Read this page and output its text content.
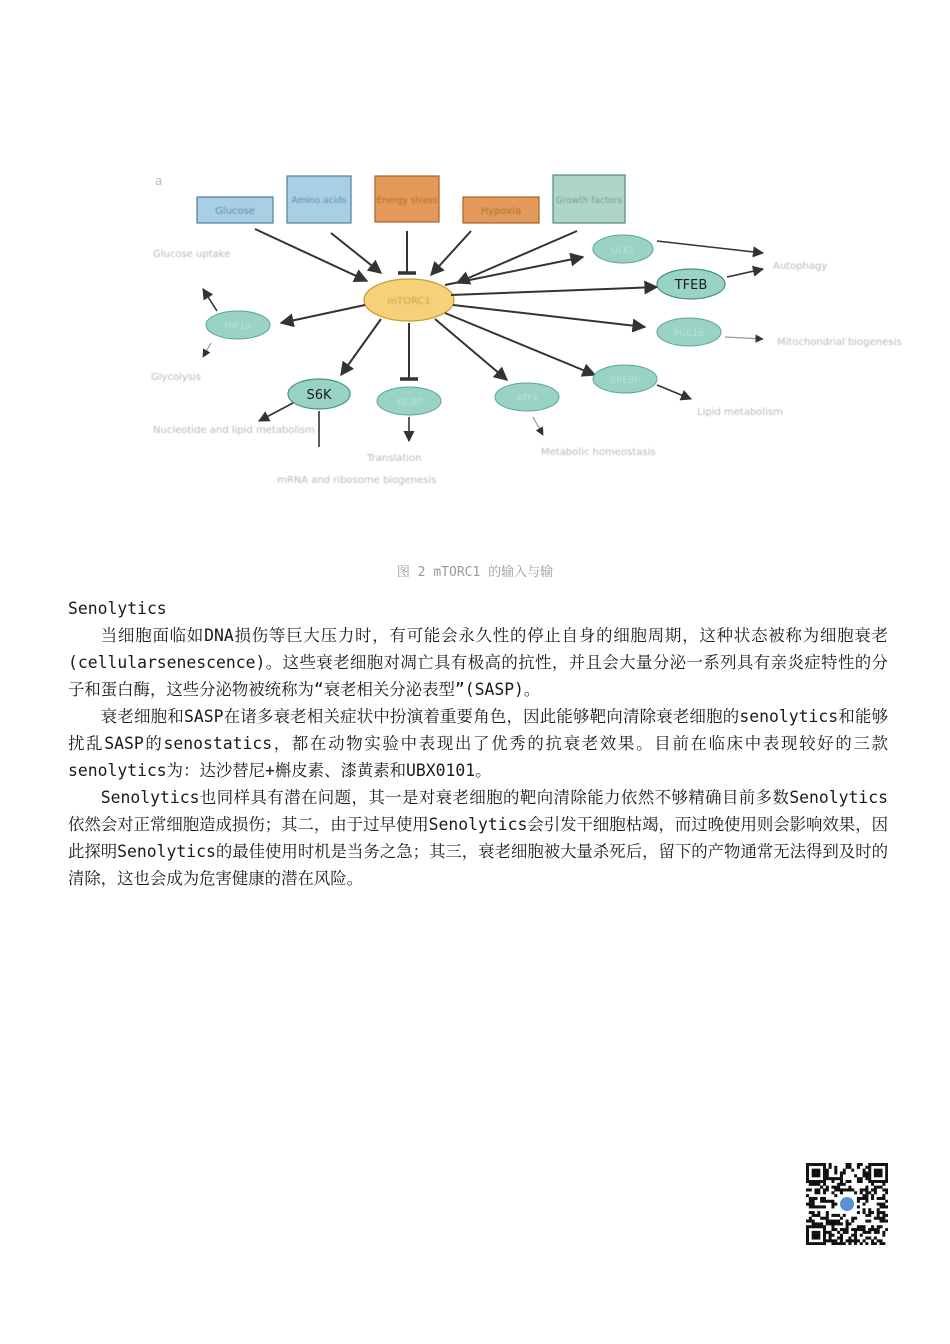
a
Glucose
Amino acids	Energy stress
Hypoxia
Growth factors
mTORC1
HIF1α
Glucose uptake
Glycolysis
S6K
Nucleotide and lipid metabolism
mRNA and ribosome biogenesis
4E-BP
Translation
ATF4
Metabolic homeostasis
SREBP
Lipid metabolism
ULK1
TFEB
Autophagy
PGC1α
Mitochondrial biogenesis
图 2 mTORC1 的输入与输
Senolytics

当细胞面临如DNA损伤等巨大压力时，有可能会永久性的停止自身的细胞周期，这种状态被称为细胞衰老(cellularsenescence)。这些衰老细胞对凋亡具有极高的抗性，并且会大量分泌一系列具有亲炎症特性的分子和蛋白酶，这些分泌物被统称为“衰老相关分泌表型”(SASP)。

衰老细胞和SASP在诸多衰老相关症状中扮演着重要角色，因此能够靶向清除衰老细胞的senolytics和能够扰乱SASP的senostatics，都在动物实验中表现出了优秀的抗衰老效果。目前在临床中表现较好的三款senolytics为：达沙替尼+槲皮素、漆黄素和UBX0101。

Senolytics也同样具有潜在问题，其一是对衰老细胞的靶向清除能力依然不够精确目前多数Senolytics依然会对正常细胞造成损伤；其二，由于过早使用Senolytics会引发干细胞枯竭，而过晚使用则会影响效果，因此探明Senolytics的最佳使用时机是当务之急；其三，衰老细胞被大量杀死后，留下的产物通常无法得到及时的清除，这也会成为危害健康的潜在风险。
